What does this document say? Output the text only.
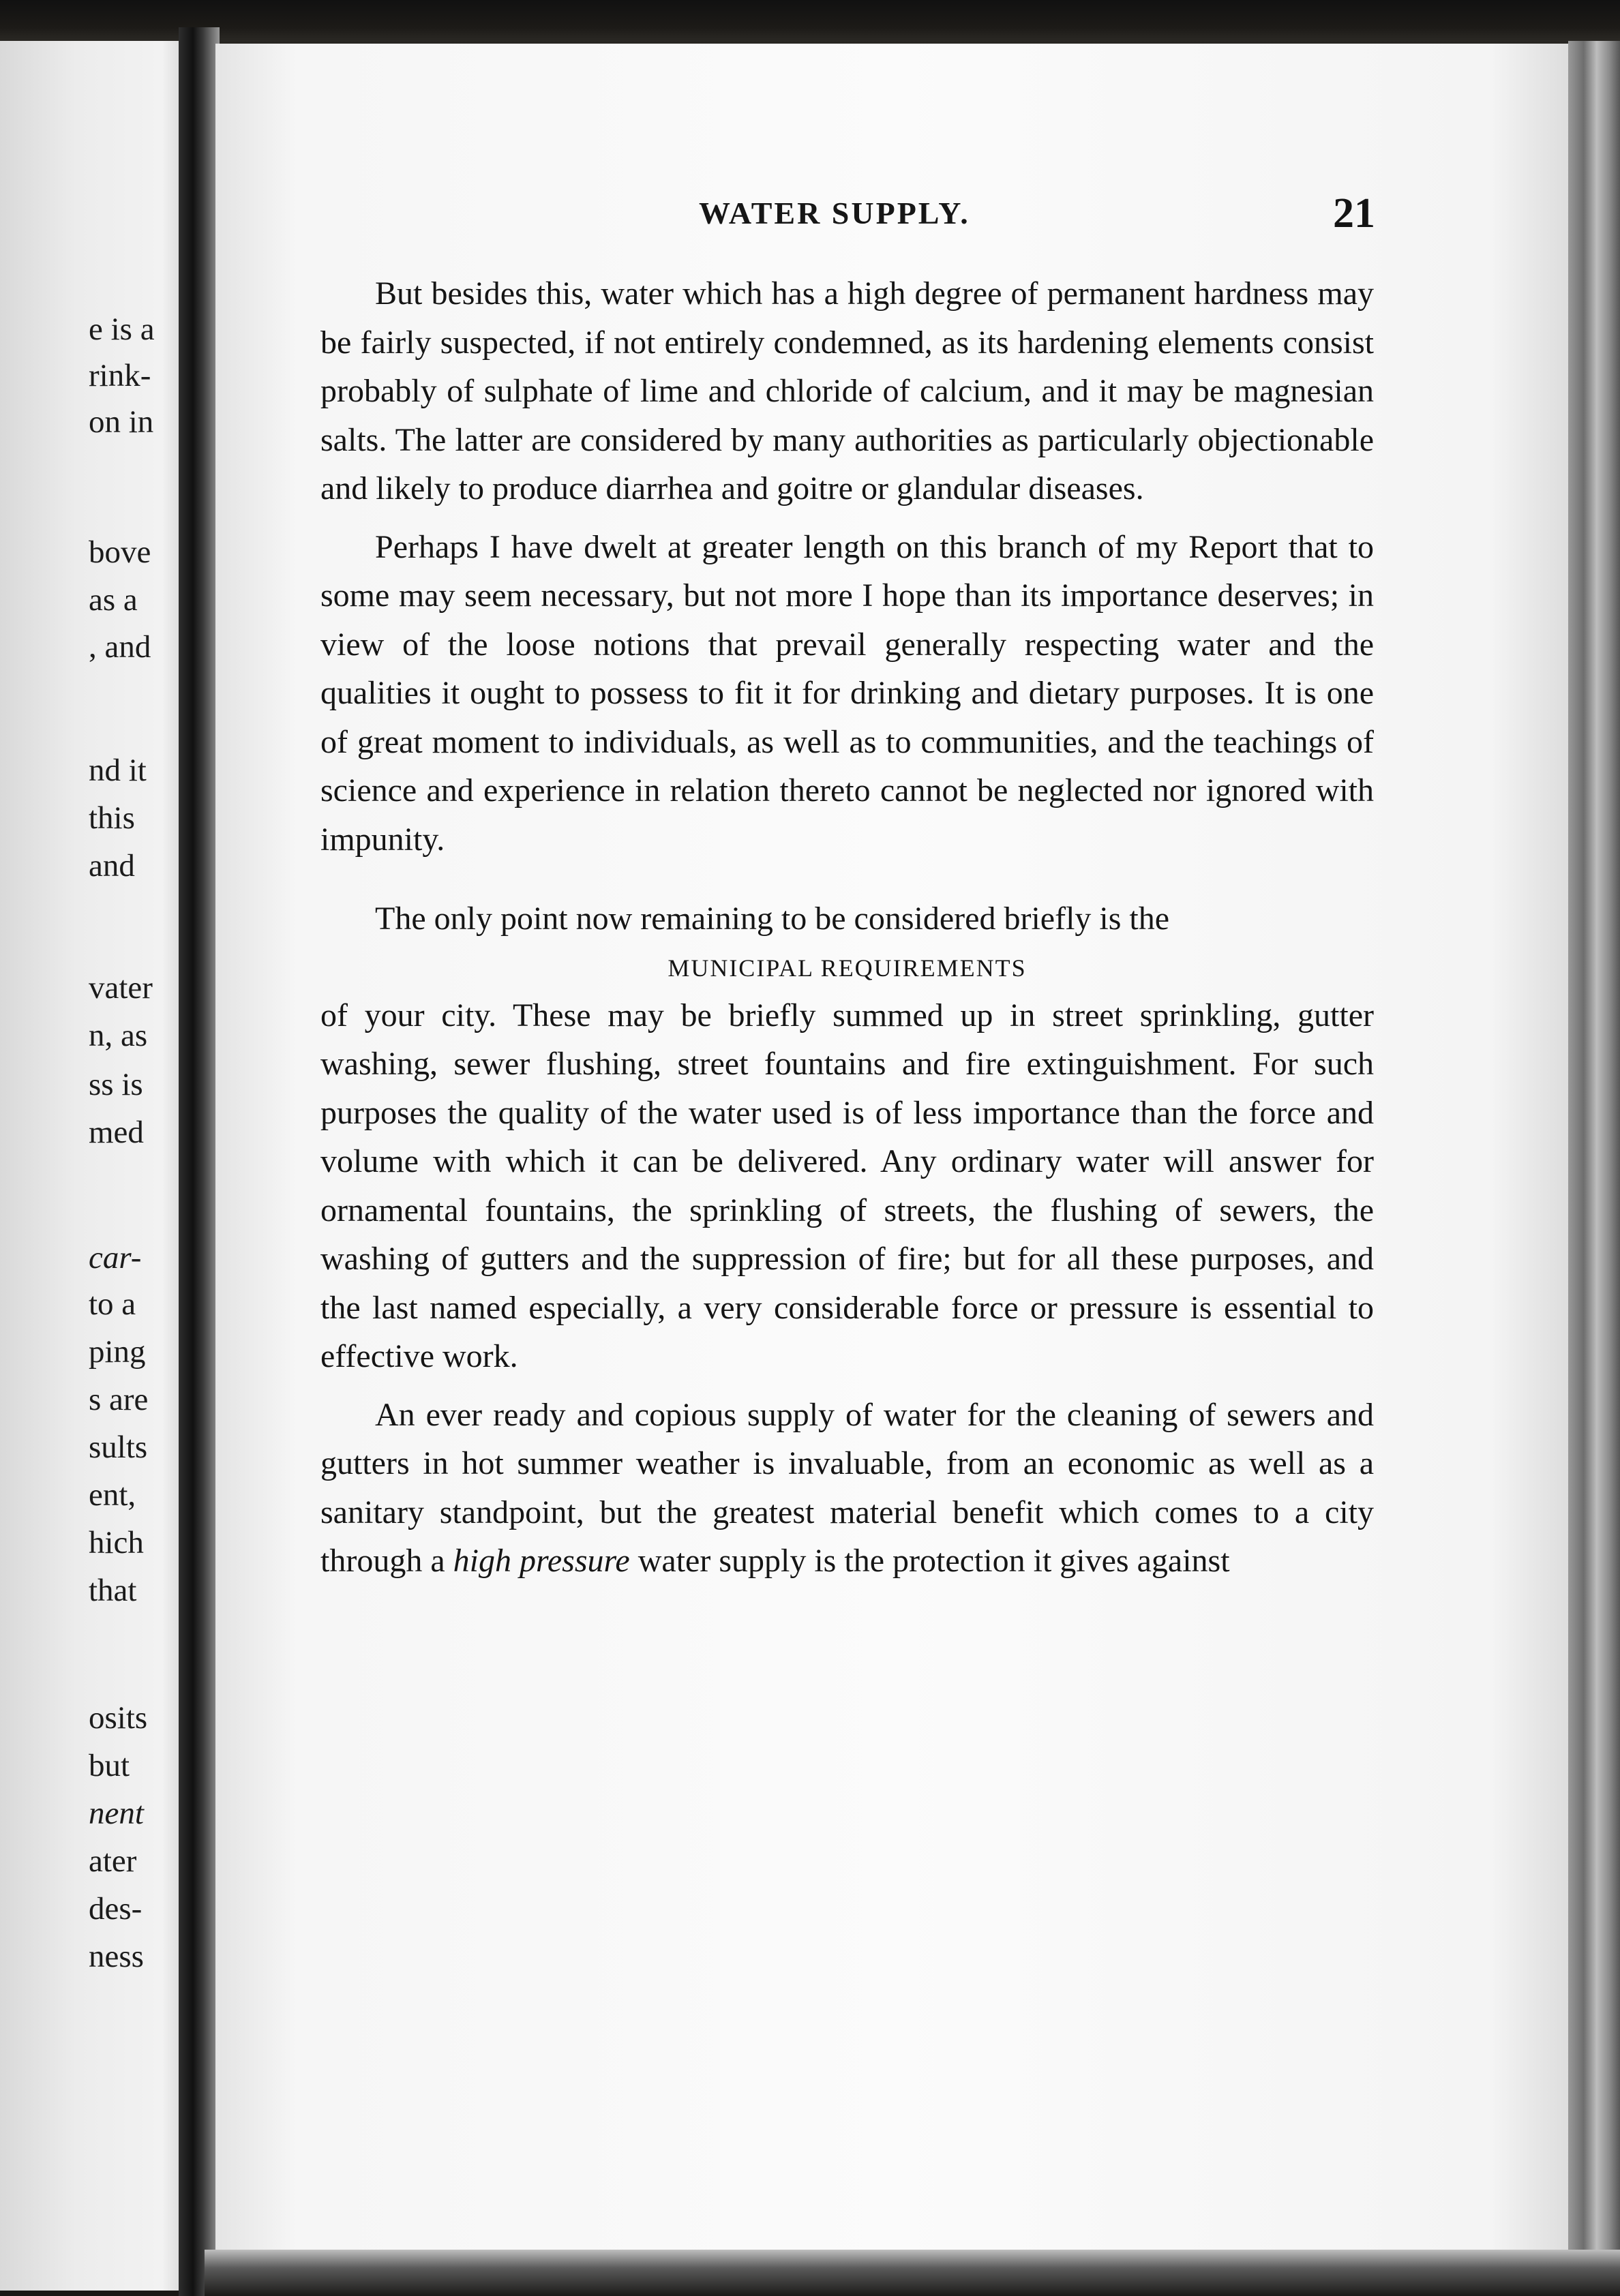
e is a
rink-
on in
bove
as a
, and
nd it
this
and
vater
n, as
ss is
med
car-
to a
ping
s are
sults
ent,
hich
that
osits
but
nent
ater
des-
ness
WATER SUPPLY.	21

But besides this, water which has a high degree of permanent hardness may be fairly suspected, if not entirely condemned, as its hardening elements consist probably of sulphate of lime and chloride of calcium, and it may be magnesian salts. The latter are considered by many authorities as particularly objectionable and likely to produce diarrhea and goitre or glandular diseases.

Perhaps I have dwelt at greater length on this branch of my Report that to some may seem necessary, but not more I hope than its importance deserves; in view of the loose notions that prevail generally respecting water and the qualities it ought to possess to fit it for drinking and dietary purposes. It is one of great moment to individuals, as well as to communities, and the teachings of science and experience in relation thereto cannot be neglected nor ignored with impunity.

The only point now remaining to be considered briefly is the

MUNICIPAL REQUIREMENTS

of your city. These may be briefly summed up in street sprinkling, gutter washing, sewer flushing, street fountains and fire extinguishment. For such purposes the quality of the water used is of less importance than the force and volume with which it can be delivered. Any ordinary water will answer for ornamental fountains, the sprinkling of streets, the flushing of sewers, the washing of gutters and the suppression of fire; but for all these purposes, and the last named especially, a very considerable force or pressure is essential to effective work.

An ever ready and copious supply of water for the cleaning of sewers and gutters in hot summer weather is invaluable, from an economic as well as a sanitary standpoint, but the greatest material benefit which comes to a city through a high pressure water supply is the protection it gives against
